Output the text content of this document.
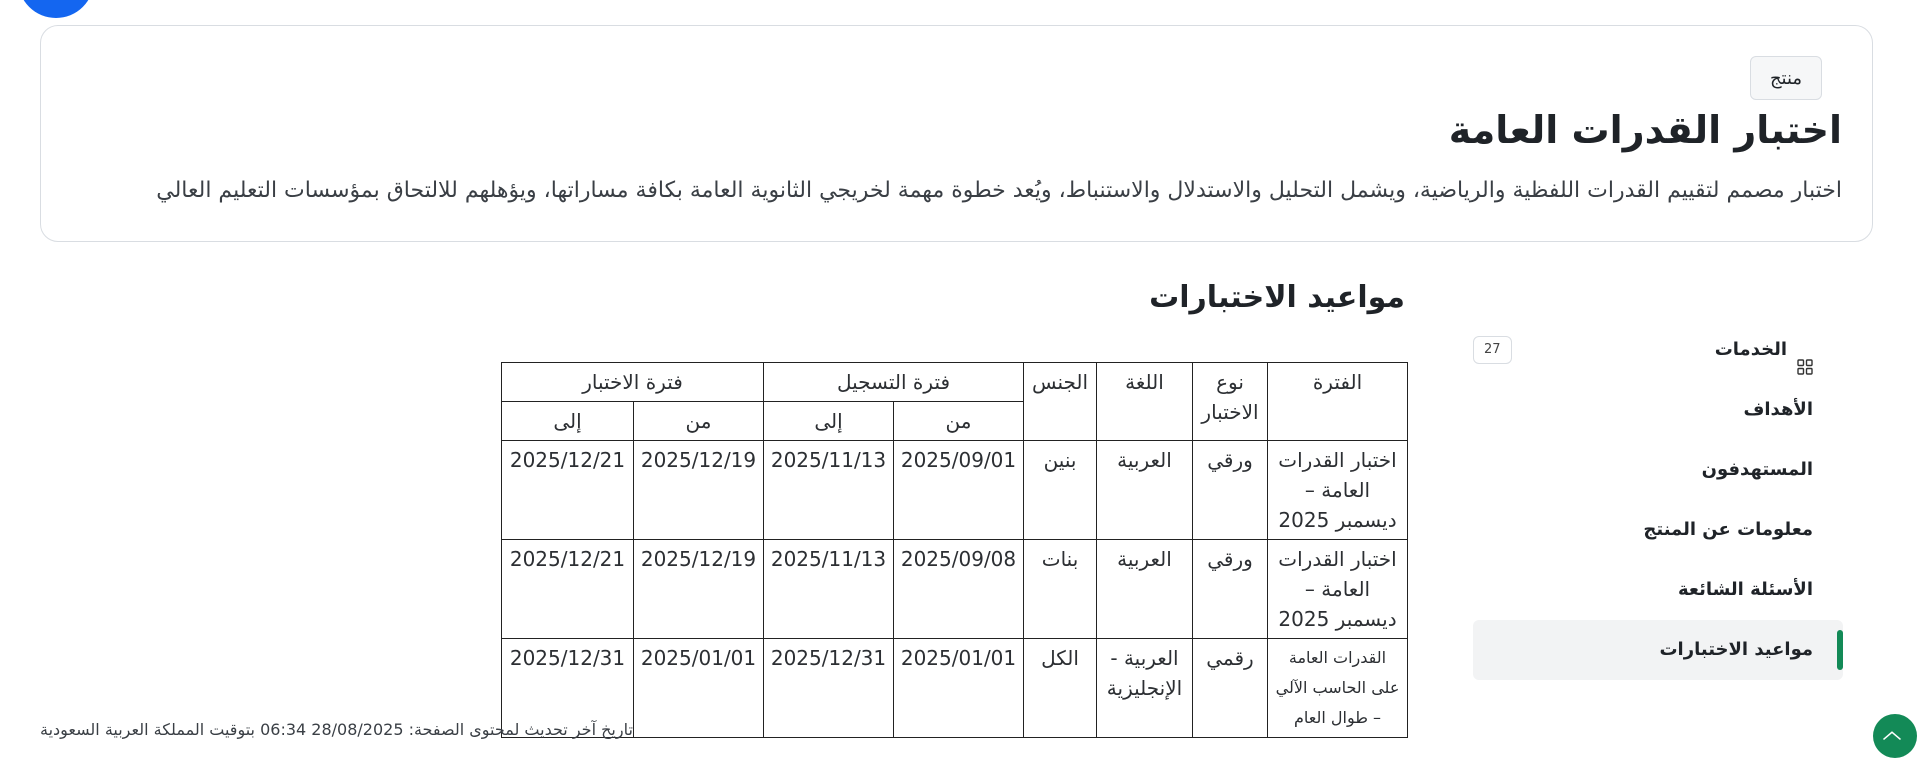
منتج
اختبار القدرات العامة

اختبار مصمم لتقييم القدرات اللفظية والرياضية، ويشمل التحليل والاستدلال والاستنباط، ويُعد خطوة مهمة لخريجي الثانوية العامة بكافة مساراتها، ويؤهلهم للالتحاق بمؤسسات التعليم العالي

مواعيد الاختبارات
الفترة	نوع الاختبار	اللغة	الجنس	فترة التسجيل		فترة الاختبار	
				من	إلى	من	إلى
اختبار القدرات العامة – ديسمبر 2025	ورقي	العربية	بنين	2025/09/01	2025/11/13	2025/12/19	2025/12/21
اختبار القدرات العامة – ديسمبر 2025	ورقي	العربية	بنات	2025/09/08	2025/11/13	2025/12/19	2025/12/21
القدرات العامة على الحاسب الآلي – طوال العام	رقمي	العربية - الإنجليزية	الكل	2025/01/01	2025/12/31	2025/01/01	2025/12/31
الخدمات
27
الأهداف
المستهدفون
معلومات عن المنتج
الأسئلة الشائعة
مواعيد الاختبارات

تاريخ آخر تحديث لمحتوى الصفحة: 28/08/2025 06:34 بتوقيت المملكة العربية السعودية	︿
